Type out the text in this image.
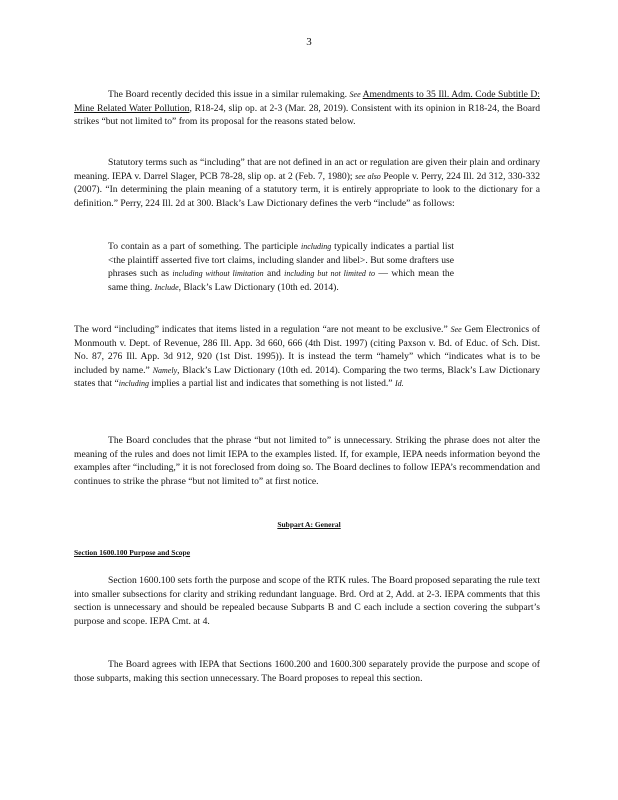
3
The Board recently decided this issue in a similar rulemaking. See Amendments to 35 Ill. Adm. Code Subtitle D: Mine Related Water Pollution, R18-24, slip op. at 2-3 (Mar. 28, 2019). Consistent with its opinion in R18-24, the Board strikes “but not limited to” from its proposal for the reasons stated below.
Statutory terms such as “including” that are not defined in an act or regulation are given their plain and ordinary meaning. IEPA v. Darrel Slager, PCB 78-28, slip op. at 2 (Feb. 7, 1980); see also People v. Perry, 224 Ill. 2d 312, 330-332 (2007). “In determining the plain meaning of a statutory term, it is entirely appropriate to look to the dictionary for a definition.” Perry, 224 Ill. 2d at 300. Black’s Law Dictionary defines the verb “include” as follows:
To contain as a part of something. The participle including typically indicates a partial list <the plaintiff asserted five tort claims, including slander and libel>. But some drafters use phrases such as including without limitation and including but not limited to — which mean the same thing. Include, Black’s Law Dictionary (10th ed. 2014).
The word “including” indicates that items listed in a regulation “are not meant to be exclusive.” See Gem Electronics of Monmouth v. Dept. of Revenue, 286 Ill. App. 3d 660, 666 (4th Dist. 1997) (citing Paxson v. Bd. of Educ. of Sch. Dist. No. 87, 276 Ill. App. 3d 912, 920 (1st Dist. 1995)). It is instead the term “hamely” which “indicates what is to be included by name.” Namely, Black’s Law Dictionary (10th ed. 2014). Comparing the two terms, Black’s Law Dictionary states that “including implies a partial list and indicates that something is not listed.” Id.
The Board concludes that the phrase “but not limited to” is unnecessary. Striking the phrase does not alter the meaning of the rules and does not limit IEPA to the examples listed. If, for example, IEPA needs information beyond the examples after “including,” it is not foreclosed from doing so. The Board declines to follow IEPA’s recommendation and continues to strike the phrase “but not limited to” at first notice.
Subpart A: General
Section 1600.100 Purpose and Scope
Section 1600.100 sets forth the purpose and scope of the RTK rules. The Board proposed separating the rule text into smaller subsections for clarity and striking redundant language. Brd. Ord at 2, Add. at 2-3. IEPA comments that this section is unnecessary and should be repealed because Subparts B and C each include a section covering the subpart’s purpose and scope. IEPA Cmt. at 4.
The Board agrees with IEPA that Sections 1600.200 and 1600.300 separately provide the purpose and scope of those subparts, making this section unnecessary. The Board proposes to repeal this section.
